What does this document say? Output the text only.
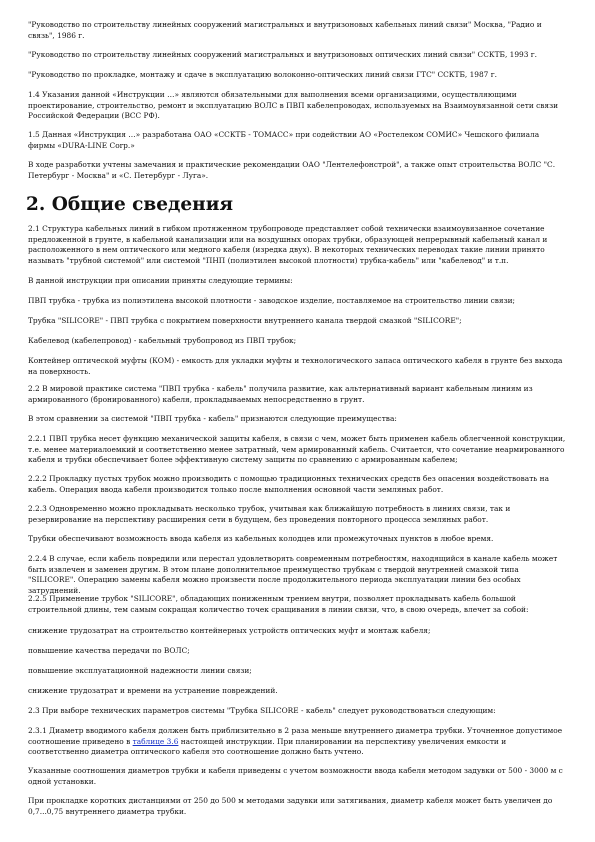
"Руководство по строительству линейных сооружений магистральных и внутризоновых кабельных линий связи" Москва, "Радио и связь", 1986 г.

"Руководство по строительству линейных сооружений магистральных и внутризоновых оптических линий связи" ССКТБ, 1993 г.

"Руководство по прокладке, монтажу и сдаче в эксплуатацию волоконно-оптических линий связи ГТС" ССКТБ, 1987 г.

1.4 Указания данной «Инструкции …» являются обязательными для выполнения всеми организациями, осуществляющими проектирование, строительство, ремонт и эксплуатацию ВОЛС в ПВП кабелепроводах, используемых на Взаимоувязанной сети связи Российской Федерации (ВСС РФ).

1.5 Данная «Инструкция …» разработана ОАО «ССКТБ - ТОМАСС» при содействии АО «Ростелеком СОМИС» Чешского филиала фирмы «DURA-LINE Corp.»

В ходе разработки учтены замечания и практические рекомендации ОАО "Лентелефонстрой", а также опыт строительства ВОЛС "С. Петербург - Москва" и «С. Петербург - Луга».

2. Общие сведения

2.1 Структура кабельных линий в гибком протяженном трубопроводе представляет собой технически взаимоувязанное сочетание предложенной в грунте, в кабельной канализации или на воздушных опорах трубки, образующей непрерывный кабельный канал и расположенного в нем оптического или медного кабеля (изредка двух). В некоторых технических переводах такие линии принято называть "трубной системой" или системой "ПНП (полиэтилен высокой плотности) трубка-кабель" или "кабелевод" и т.п.

В данной инструкции при описании приняты следующие термины:

ПВП трубка - трубка из полиэтилена высокой плотности - заводское изделие, поставляемое на строительство линии связи;

Трубка "SILICORE" - ПВП трубка с покрытием поверхности внутреннего канала твердой смазкой "SILICORE";

Кабелевод (кабелепровод) - кабельный трубопровод из ПВП трубок;

Контейнер оптической муфты (КОМ) - емкость для укладки муфты и технологического запаса оптического кабеля в грунте без выхода на поверхность.

2.2 В мировой практике система "ПВП трубка - кабель" получила развитие, как альтернативный вариант кабельным линиям из армированного (бронированного) кабеля, прокладываемых непосредственно в грунт.

В этом сравнении за системой "ПВП трубка - кабель" признаются следующие преимущества:

2.2.1 ПВП трубка несет функцию механической защиты кабеля, в связи с чем, может быть применен кабель облегченной конструкции, т.е. менее материалоемкий и соответственно менее затратный, чем армированный кабель. Считается, что сочетание неармированного кабеля и трубки обеспечивает более эффективную систему защиты по сравнению с армированным кабелем;

2.2.2 Прокладку пустых трубок можно производить с помощью традиционных технических средств без опасения воздействовать на кабель. Операция ввода кабеля производится только после выполнения основной части земляных работ.

2.2.3 Одновременно можно прокладывать несколько трубок, учитывая как ближайшую потребность в линиях связи, так и резервирование на перспективу расширения сети в будущем, без проведения повторного процесса земляных работ.

Трубки обеспечивают возможность ввода кабеля из кабельных колодцев или промежуточных пунктов в любое время.

2.2.4 В случае, если кабель повредили или перестал удовлетворять современным потребностям, находящийся в канале кабель может быть извлечен и заменен другим. В этом плане дополнительное преимущество трубкам с твердой внутренней смазкой типа "SILICORE". Операцию замены кабеля можно произвести после продолжительного периода эксплуатации линии без особых затруднений.

2.2.5 Применение трубок "SILICORE", обладающих пониженным трением внутри, позволяет прокладывать кабель большой строительной длины, тем самым сокращая количество точек сращивания в линии связи, что, в свою очередь, влечет за собой:

снижение трудозатрат на строительство контейнерных устройств оптических муфт и монтаж кабеля;

повышение качества передачи по ВОЛС;

повышение эксплуатационной надежности линии связи;

снижение трудозатрат и времени на устранение повреждений.

2.3 При выборе технических параметров системы "Трубка SILICORE - кабель" следует руководствоваться следующим:

2.3.1 Диаметр вводимого кабеля должен быть приблизительно в 2 раза меньше внутреннего диаметра трубки. Уточненное допустимое соотношение приведено в таблице 3.6 настоящей инструкции. При планировании на перспективу увеличения емкости и соответственно диаметра оптического кабеля это соотношение должно быть учтено.

Указанные соотношения диаметров трубки и кабеля приведены с учетом возможности ввода кабеля методом задувки от 500 - 3000 м с одной установки.

При прокладке коротких дистанциями от 250 до 500 м методами задувки или затягивания, диаметр кабеля может быть увеличен до 0,7...0,75 внутреннего диаметра трубки.
